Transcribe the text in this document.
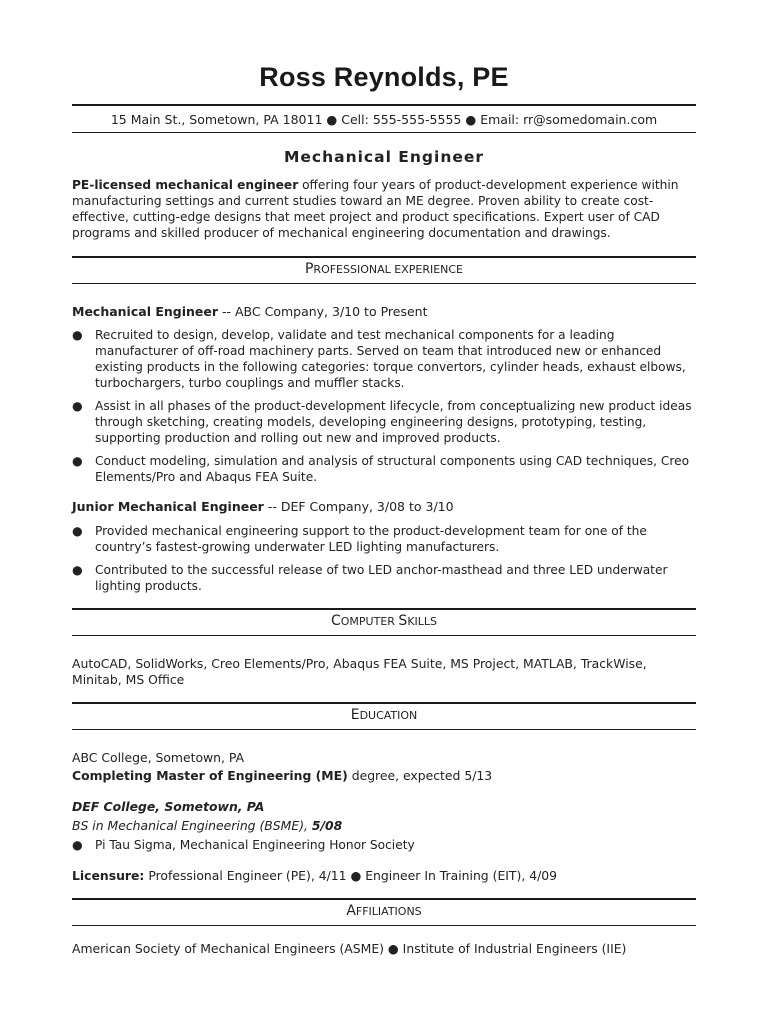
Ross Reynolds, PE
15 Main St., Sometown, PA 18011 ● Cell: 555-555-5555 ● Email: rr@somedomain.com
Mechanical Engineer
PE-licensed mechanical engineer offering four years of product-development experience within manufacturing settings and current studies toward an ME degree. Proven ability to create cost-effective, cutting-edge designs that meet project and product specifications. Expert user of CAD programs and skilled producer of mechanical engineering documentation and drawings.
PROFESSIONAL EXPERIENCE
Mechanical Engineer -- ABC Company, 3/10 to Present
● Recruited to design, develop, validate and test mechanical components for a leading manufacturer of off-road machinery parts. Served on team that introduced new or enhanced existing products in the following categories: torque convertors, cylinder heads, exhaust elbows, turbochargers, turbo couplings and muffler stacks.
● Assist in all phases of the product-development lifecycle, from conceptualizing new product ideas through sketching, creating models, developing engineering designs, prototyping, testing, supporting production and rolling out new and improved products.
● Conduct modeling, simulation and analysis of structural components using CAD techniques, Creo Elements/Pro and Abaqus FEA Suite.
Junior Mechanical Engineer -- DEF Company, 3/08 to 3/10
● Provided mechanical engineering support to the product-development team for one of the country’s fastest-growing underwater LED lighting manufacturers.
● Contributed to the successful release of two LED anchor-masthead and three LED underwater lighting products.
COMPUTER SKILLS
AutoCAD, SolidWorks, Creo Elements/Pro, Abaqus FEA Suite, MS Project, MATLAB, TrackWise, Minitab, MS Office
EDUCATION
ABC College, Sometown, PA
Completing Master of Engineering (ME) degree, expected 5/13
DEF College, Sometown, PA
BS in Mechanical Engineering (BSME), 5/08
● Pi Tau Sigma, Mechanical Engineering Honor Society
Licensure: Professional Engineer (PE), 4/11 ● Engineer In Training (EIT), 4/09
AFFILIATIONS
American Society of Mechanical Engineers (ASME) ● Institute of Industrial Engineers (IIE)
